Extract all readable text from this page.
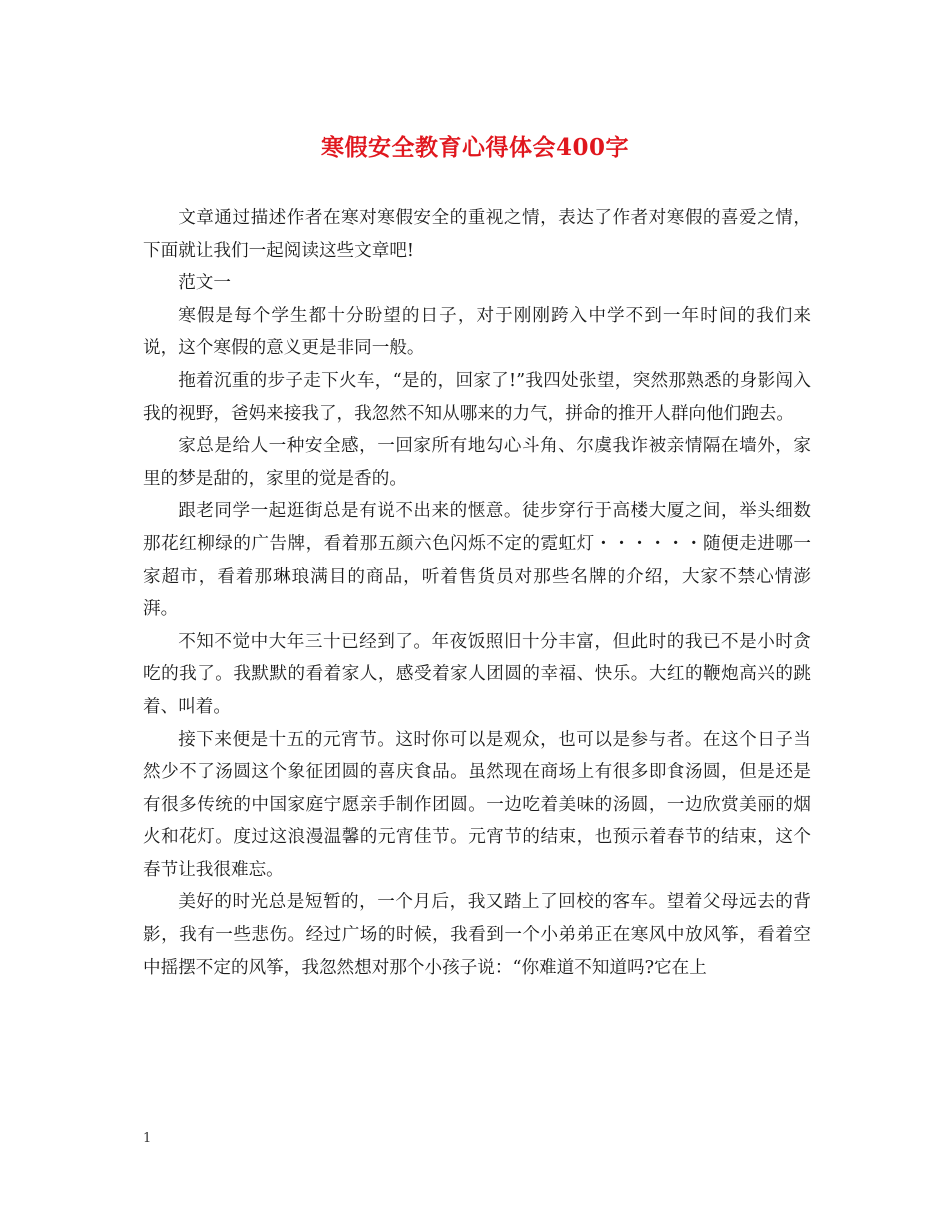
寒假安全教育心得体会400字

文章通过描述作者在寒对寒假安全的重视之情，表达了作者对寒假的喜爱之情，下面就让我们一起阅读这些文章吧!

范文一

寒假是每个学生都十分盼望的日子，对于刚刚跨入中学不到一年时间的我们来说，这个寒假的意义更是非同一般。

拖着沉重的步子走下火车，“是的，回家了!”我四处张望，突然那熟悉的身影闯入我的视野，爸妈来接我了，我忽然不知从哪来的力气，拼命的推开人群向他们跑去。

家总是给人一种安全感，一回家所有地勾心斗角、尔虞我诈被亲情隔在墙外，家里的梦是甜的，家里的觉是香的。

跟老同学一起逛街总是有说不出来的惬意。徒步穿行于高楼大厦之间，举头细数那花红柳绿的广告牌，看着那五颜六色闪烁不定的霓虹灯・・・・・・随便走进哪一家超市，看着那琳琅满目的商品，听着售货员对那些名牌的介绍，大家不禁心情澎湃。

不知不觉中大年三十已经到了。年夜饭照旧十分丰富，但此时的我已不是小时贪吃的我了。我默默的看着家人，感受着家人团圆的幸福、快乐。大红的鞭炮高兴的跳着、叫着。

接下来便是十五的元宵节。这时你可以是观众，也可以是参与者。在这个日子当然少不了汤圆这个象征团圆的喜庆食品。虽然现在商场上有很多即食汤圆，但是还是有很多传统的中国家庭宁愿亲手制作团圆。一边吃着美味的汤圆，一边欣赏美丽的烟火和花灯。度过这浪漫温馨的元宵佳节。元宵节的结束，也预示着春节的结束，这个春节让我很难忘。

美好的时光总是短暂的，一个月后，我又踏上了回校的客车。望着父母远去的背影，我有一些悲伤。经过广场的时候，我看到一个小弟弟正在寒风中放风筝，看着空中摇摆不定的风筝，我忽然想对那个小孩子说：“你难道不知道吗?它在上

1
